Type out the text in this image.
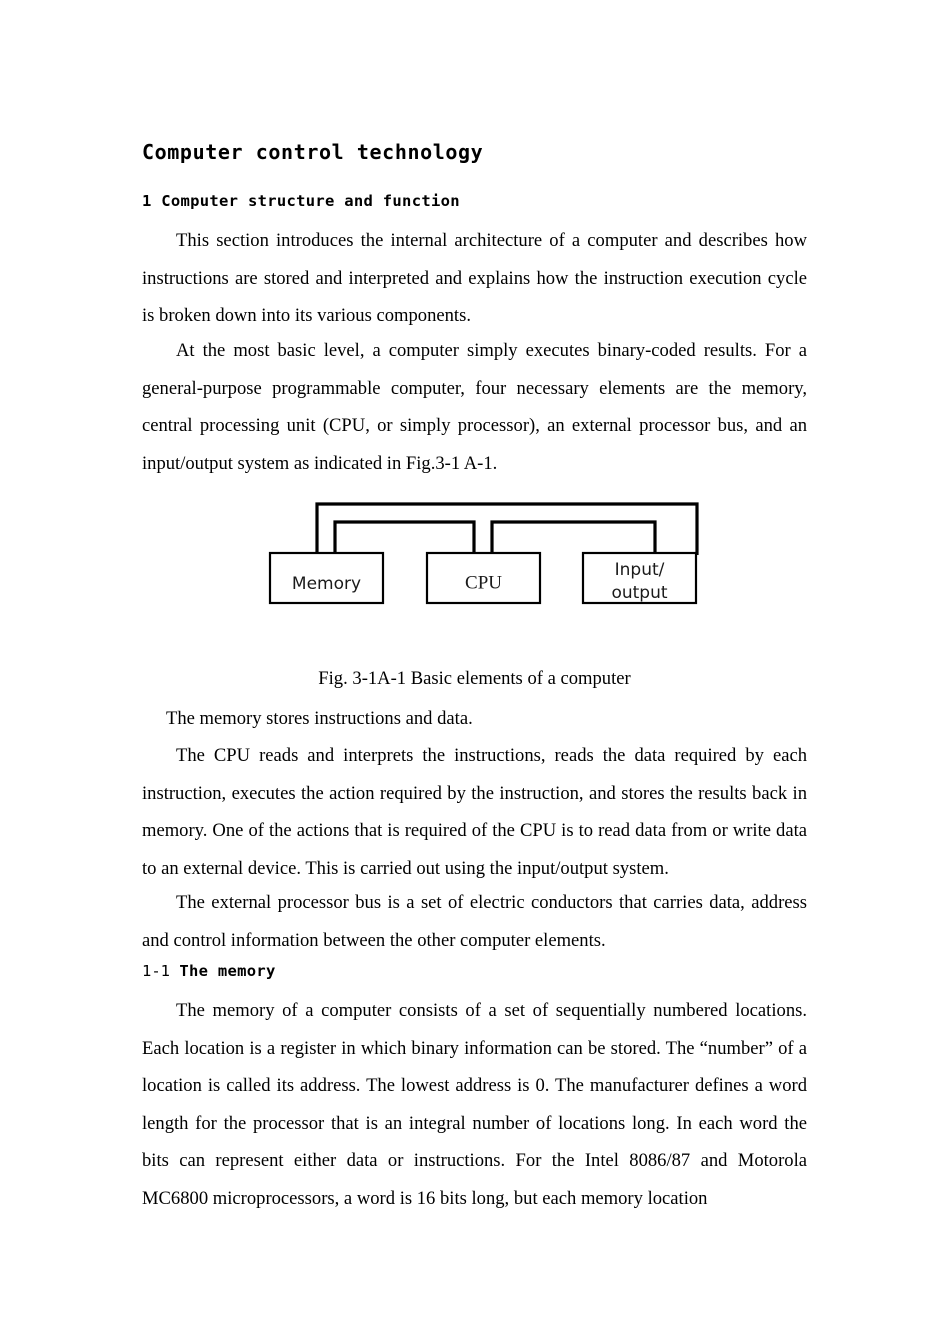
Computer control technology
1 Computer structure and function

This section introduces the internal architecture of a computer and describes how instructions are stored and interpreted and explains how the instruction execution cycle is broken down into its various components.

At the most basic level, a computer simply executes binary-coded results. For a general-purpose programmable computer, four necessary elements are the memory, central processing unit (CPU, or simply processor), an external processor bus, and an input/output system as indicated in Fig.3-1 A-1.

Memory	CPU
Input/
output
Fig. 3-1A-1 Basic elements of a computer

The memory stores instructions and data.

The CPU reads and interprets the instructions, reads the data required by each instruction, executes the action required by the instruction, and stores the results back in memory. One of the actions that is required of the CPU is to read data from or write data to an external device. This is carried out using the input/output system.

The external processor bus is a set of electric conductors that carries data, address and control information between the other computer elements.

1-1 The memory

The memory of a computer consists of a set of sequentially numbered locations. Each location is a register in which binary information can be stored. The “number” of a location is called its address. The lowest address is 0. The manufacturer defines a word length for the processor that is an integral number of locations long. In each word the bits can represent either data or instructions. For the Intel 8086/87 and Motorola MC6800 microprocessors, a word is 16 bits long, but each memory location
